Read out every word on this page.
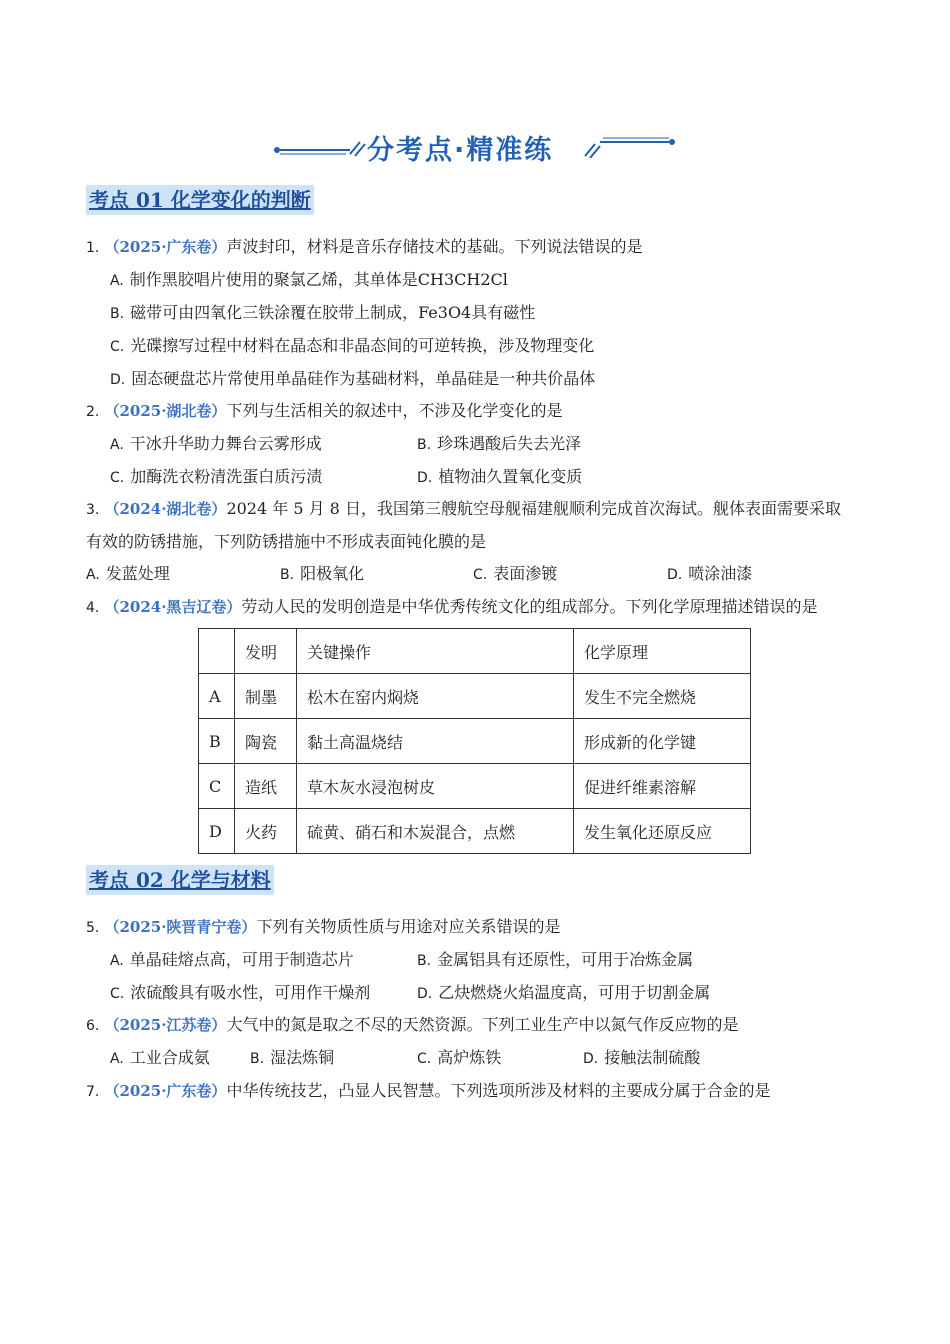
分考点·精准练
考点 01 化学变化的判断
1. （2025·广东卷）声波封印，材料是音乐存储技术的基础。下列说法错误的是
A. 制作黑胶唱片使用的聚氯乙烯，其单体是CH3CH2Cl
B. 磁带可由四氧化三铁涂覆在胶带上制成，Fe3O4具有磁性
C. 光碟擦写过程中材料在晶态和非晶态间的可逆转换，涉及物理变化
D. 固态硬盘芯片常使用单晶硅作为基础材料，单晶硅是一种共价晶体
2. （2025·湖北卷）下列与生活相关的叙述中，不涉及化学变化的是
A. 干冰升华助力舞台云雾形成	B. 珍珠遇酸后失去光泽
C. 加酶洗衣粉清洗蛋白质污渍	D. 植物油久置氧化变质
3. （2024·湖北卷）2024 年 5 月 8 日，我国第三艘航空母舰福建舰顺利完成首次海试。舰体表面需要采取
有效的防锈措施，下列防锈措施中不形成表面钝化膜的是
A. 发蓝处理	B. 阳极氧化	C. 表面渗镀	D. 喷涂油漆
4. （2024·黑吉辽卷）劳动人民的发明创造是中华优秀传统文化的组成部分。下列化学原理描述错误的是
	发明	关键操作	化学原理
A	制墨	松木在窑内焖烧	发生不完全燃烧
B	陶瓷	黏土高温烧结	形成新的化学键
C	造纸	草木灰水浸泡树皮	促进纤维素溶解
D	火药	硫黄、硝石和木炭混合，点燃	发生氧化还原反应
考点 02 化学与材料
5. （2025·陕晋青宁卷）下列有关物质性质与用途对应关系错误的是
A. 单晶硅熔点高，可用于制造芯片	B. 金属铝具有还原性，可用于冶炼金属
C. 浓硫酸具有吸水性，可用作干燥剂	D. 乙炔燃烧火焰温度高，可用于切割金属
6. （2025·江苏卷）大气中的氮是取之不尽的天然资源。下列工业生产中以氮气作反应物的是
A. 工业合成氨	B. 湿法炼铜	C. 高炉炼铁	D. 接触法制硫酸
7. （2025·广东卷）中华传统技艺，凸显人民智慧。下列选项所涉及材料的主要成分属于合金的是
